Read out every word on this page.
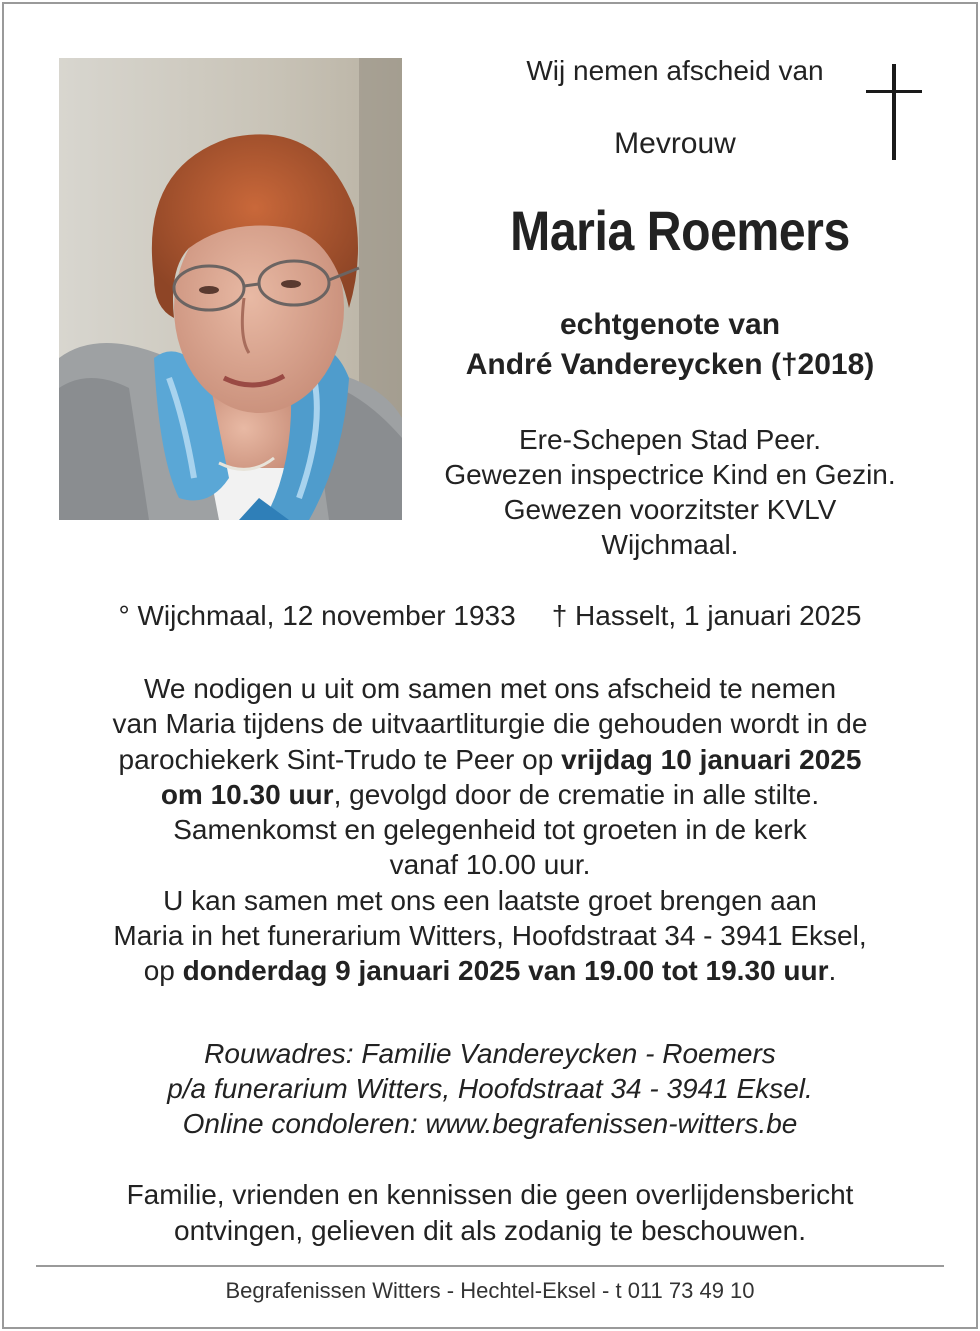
Wij nemen afscheid van
Mevrouw
Maria Roemers
echtgenote van
André Vandereycken (†2018)
Ere-Schepen Stad Peer.
Gewezen inspectrice Kind en Gezin.
Gewezen voorzitster KVLV
Wijchmaal.
° Wijchmaal, 12 november 1933 † Hasselt, 1 januari 2025
We nodigen u uit om samen met ons afscheid te nemen
van Maria tijdens de uitvaartliturgie die gehouden wordt in de
parochiekerk Sint-Trudo te Peer op vrijdag 10 januari 2025
om 10.30 uur, gevolgd door de crematie in alle stilte.
Samenkomst en gelegenheid tot groeten in de kerk
vanaf 10.00 uur.
U kan samen met ons een laatste groet brengen aan
Maria in het funerarium Witters, Hoofdstraat 34 - 3941 Eksel,
op donderdag 9 januari 2025 van 19.00 tot 19.30 uur.
Rouwadres: Familie Vandereycken - Roemers
p/a funerarium Witters, Hoofdstraat 34 - 3941 Eksel.
Online condoleren: www.begrafenissen-witters.be
Familie, vrienden en kennissen die geen overlijdensbericht
ontvingen, gelieven dit als zodanig te beschouwen.
Begrafenissen Witters - Hechtel-Eksel - t 011 73 49 10
